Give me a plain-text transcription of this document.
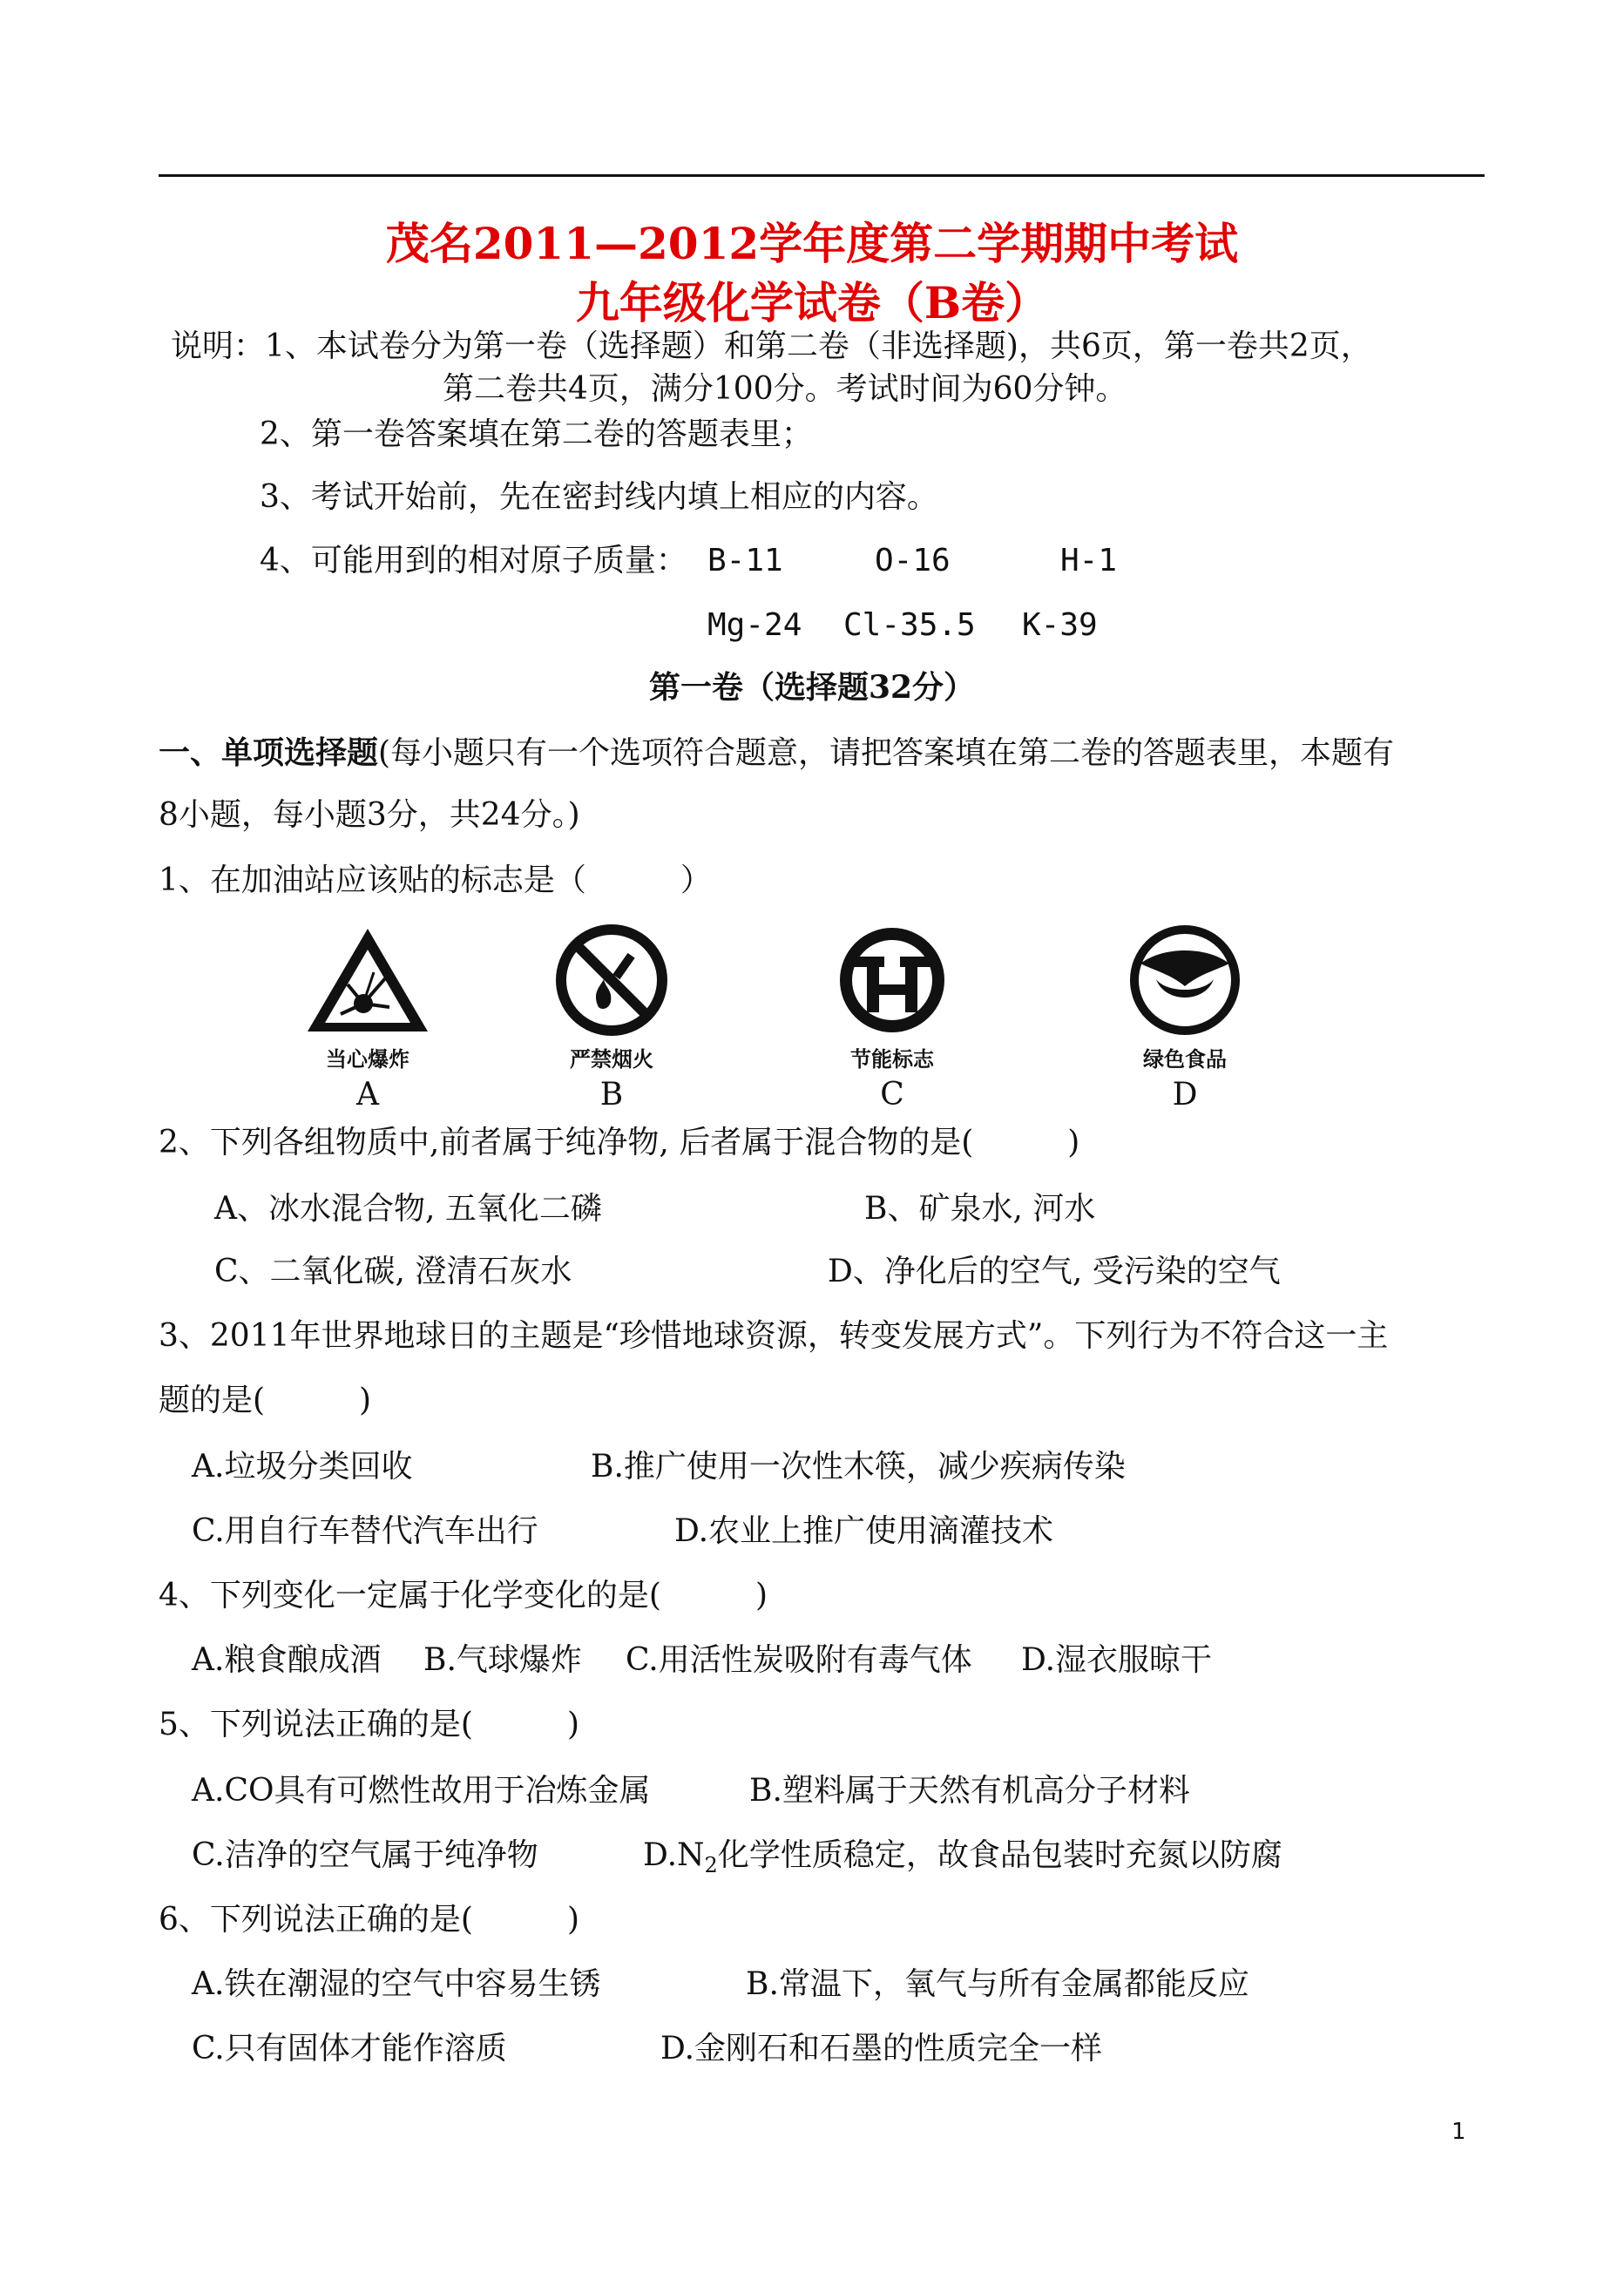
茂名2011—2012学年度第二学期期中考试
九年级化学试卷（B卷）
说明：1、本试卷分为第一卷（选择题）和第二卷（非选择题)，共6页，第一卷共2页，
第二卷共4页，满分100分。考试时间为60分钟。
2、第一卷答案填在第二卷的答题表里；
3、考试开始前，先在密封线内填上相应的内容。
4、可能用到的相对原子质量： B-11	O-16	H-1
Mg-24 Cl-35.5 K-39
第一卷（选择题32分）
一、单项选择题(每小题只有一个选项符合题意，请把答案填在第二卷的答题表里，本题有
8小题，每小题3分，共24分。)
1、在加油站应该贴的标志是（　　　）
当心爆炸
A
严禁烟火
B
节能标志
C
绿色食品
D
2、下列各组物质中,前者属于纯净物, 后者属于混合物的是(　　　)
A、冰水混合物, 五氧化二磷	B、矿泉水, 河水
C、二氧化碳, 澄清石灰水	D、净化后的空气, 受污染的空气
3、2011年世界地球日的主题是“珍惜地球资源，转变发展方式”。下列行为不符合这一主
题的是(　　　)
A.垃圾分类回收	B.推广使用一次性木筷，减少疾病传染
C.用自行车替代汽车出行	D.农业上推广使用滴灌技术
4、下列变化一定属于化学变化的是(　　　)
A.粮食酿成酒 B.气球爆炸 C.用活性炭吸附有毒气体 D.湿衣服晾干
5、下列说法正确的是(　　　)
A.CO具有可燃性故用于冶炼金属	B.塑料属于天然有机高分子材料
C.洁净的空气属于纯净物	$D.N_2$化学性质稳定，故食品包装时充氮以防腐
6、下列说法正确的是(　　　)
A.铁在潮湿的空气中容易生锈	B.常温下，氧气与所有金属都能反应
C.只有固体才能作溶质	D.金刚石和石墨的性质完全一样
1
